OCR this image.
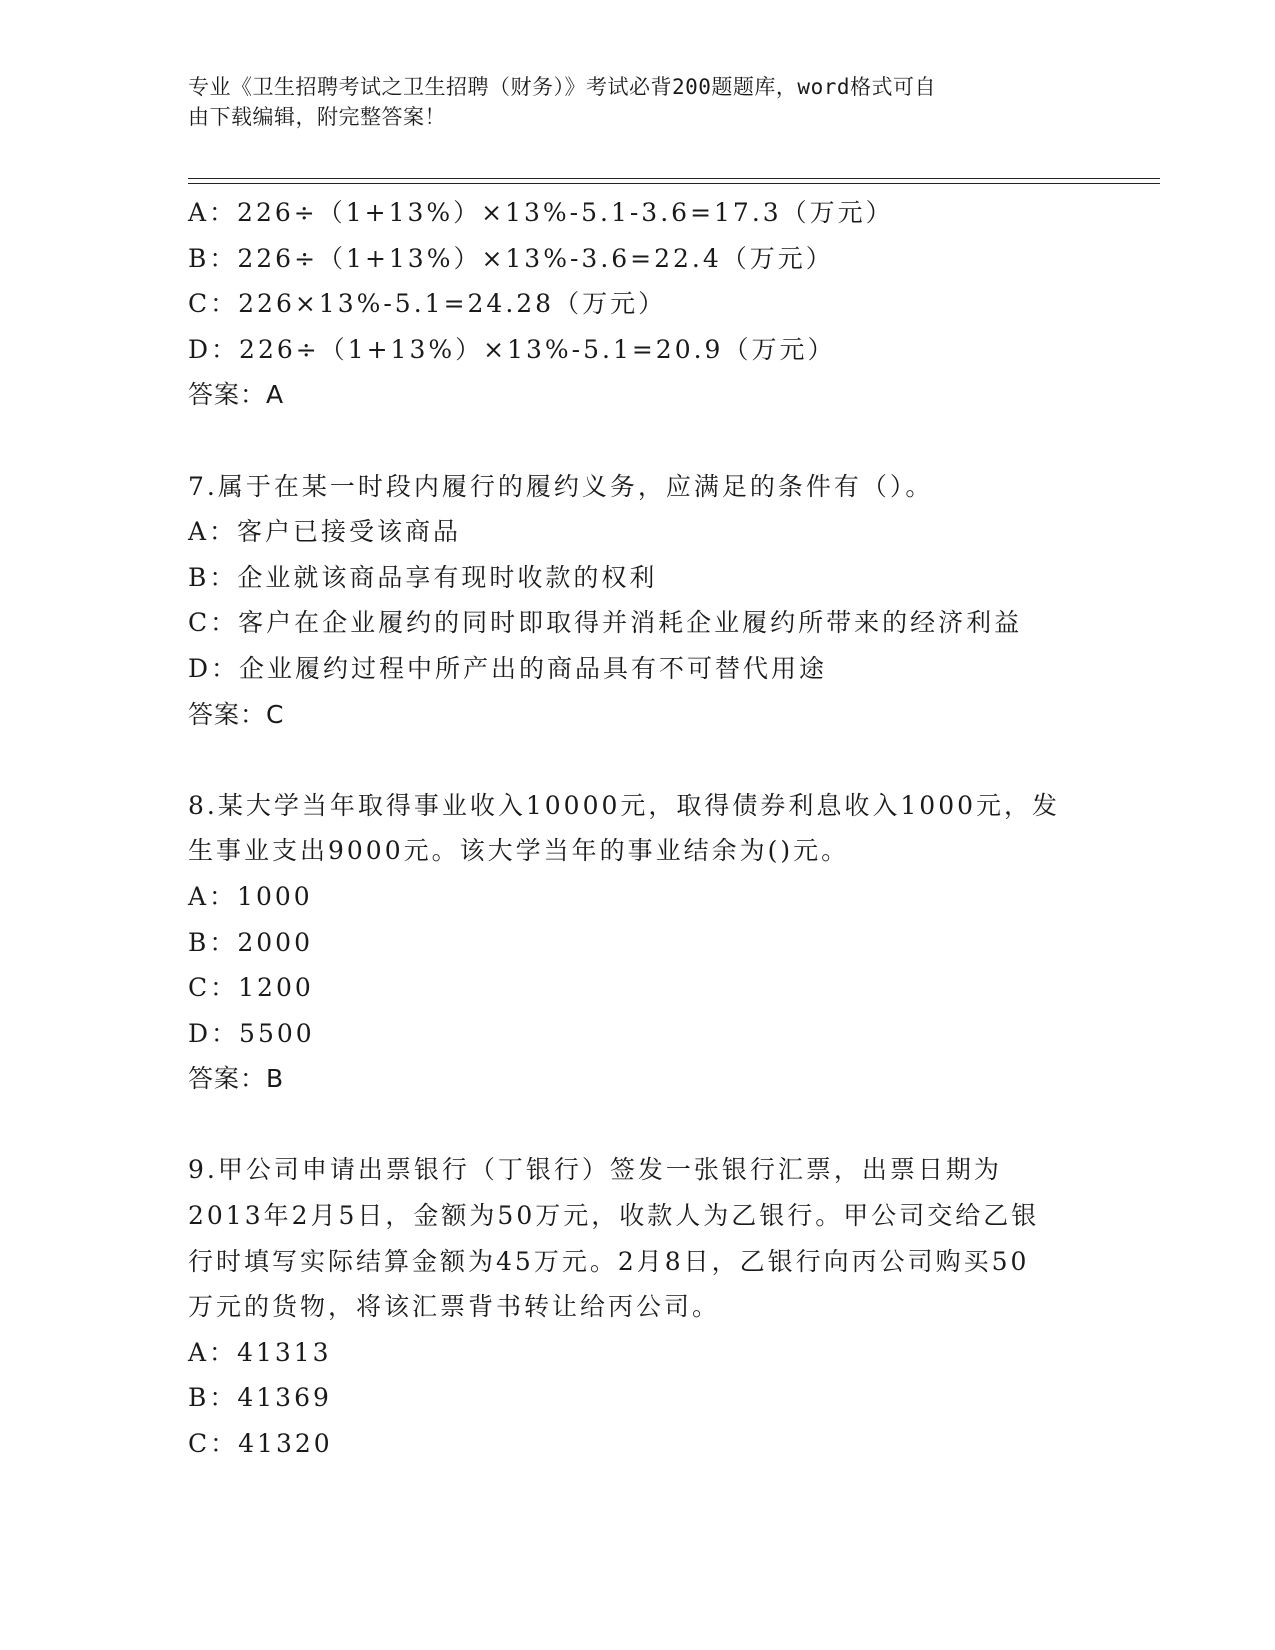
专业《卫生招聘考试之卫生招聘（财务）》考试必背200题题库，word格式可自
由下载编辑，附完整答案！
A：226÷（1+13%）×13%-5.1-3.6=17.3（万元）
B：226÷（1+13%）×13%-3.6=22.4（万元）
C：226×13%-5.1=24.28（万元）
D：226÷（1+13%）×13%-5.1=20.9（万元）
答案：A
7.属于在某一时段内履行的履约义务，应满足的条件有（）。
A：客户已接受该商品
B：企业就该商品享有现时收款的权利
C：客户在企业履约的同时即取得并消耗企业履约所带来的经济利益
D：企业履约过程中所产出的商品具有不可替代用途
答案：C
8.某大学当年取得事业收入10000元，取得债券利息收入1000元，发
生事业支出9000元。该大学当年的事业结余为()元。
A：1000
B：2000
C：1200
D：5500
答案：B
9.甲公司申请出票银行（丁银行）签发一张银行汇票，出票日期为
2013年2月5日，金额为50万元，收款人为乙银行。甲公司交给乙银
行时填写实际结算金额为45万元。2月8日，乙银行向丙公司购买50
万元的货物，将该汇票背书转让给丙公司。
A：41313
B：41369
C：41320
